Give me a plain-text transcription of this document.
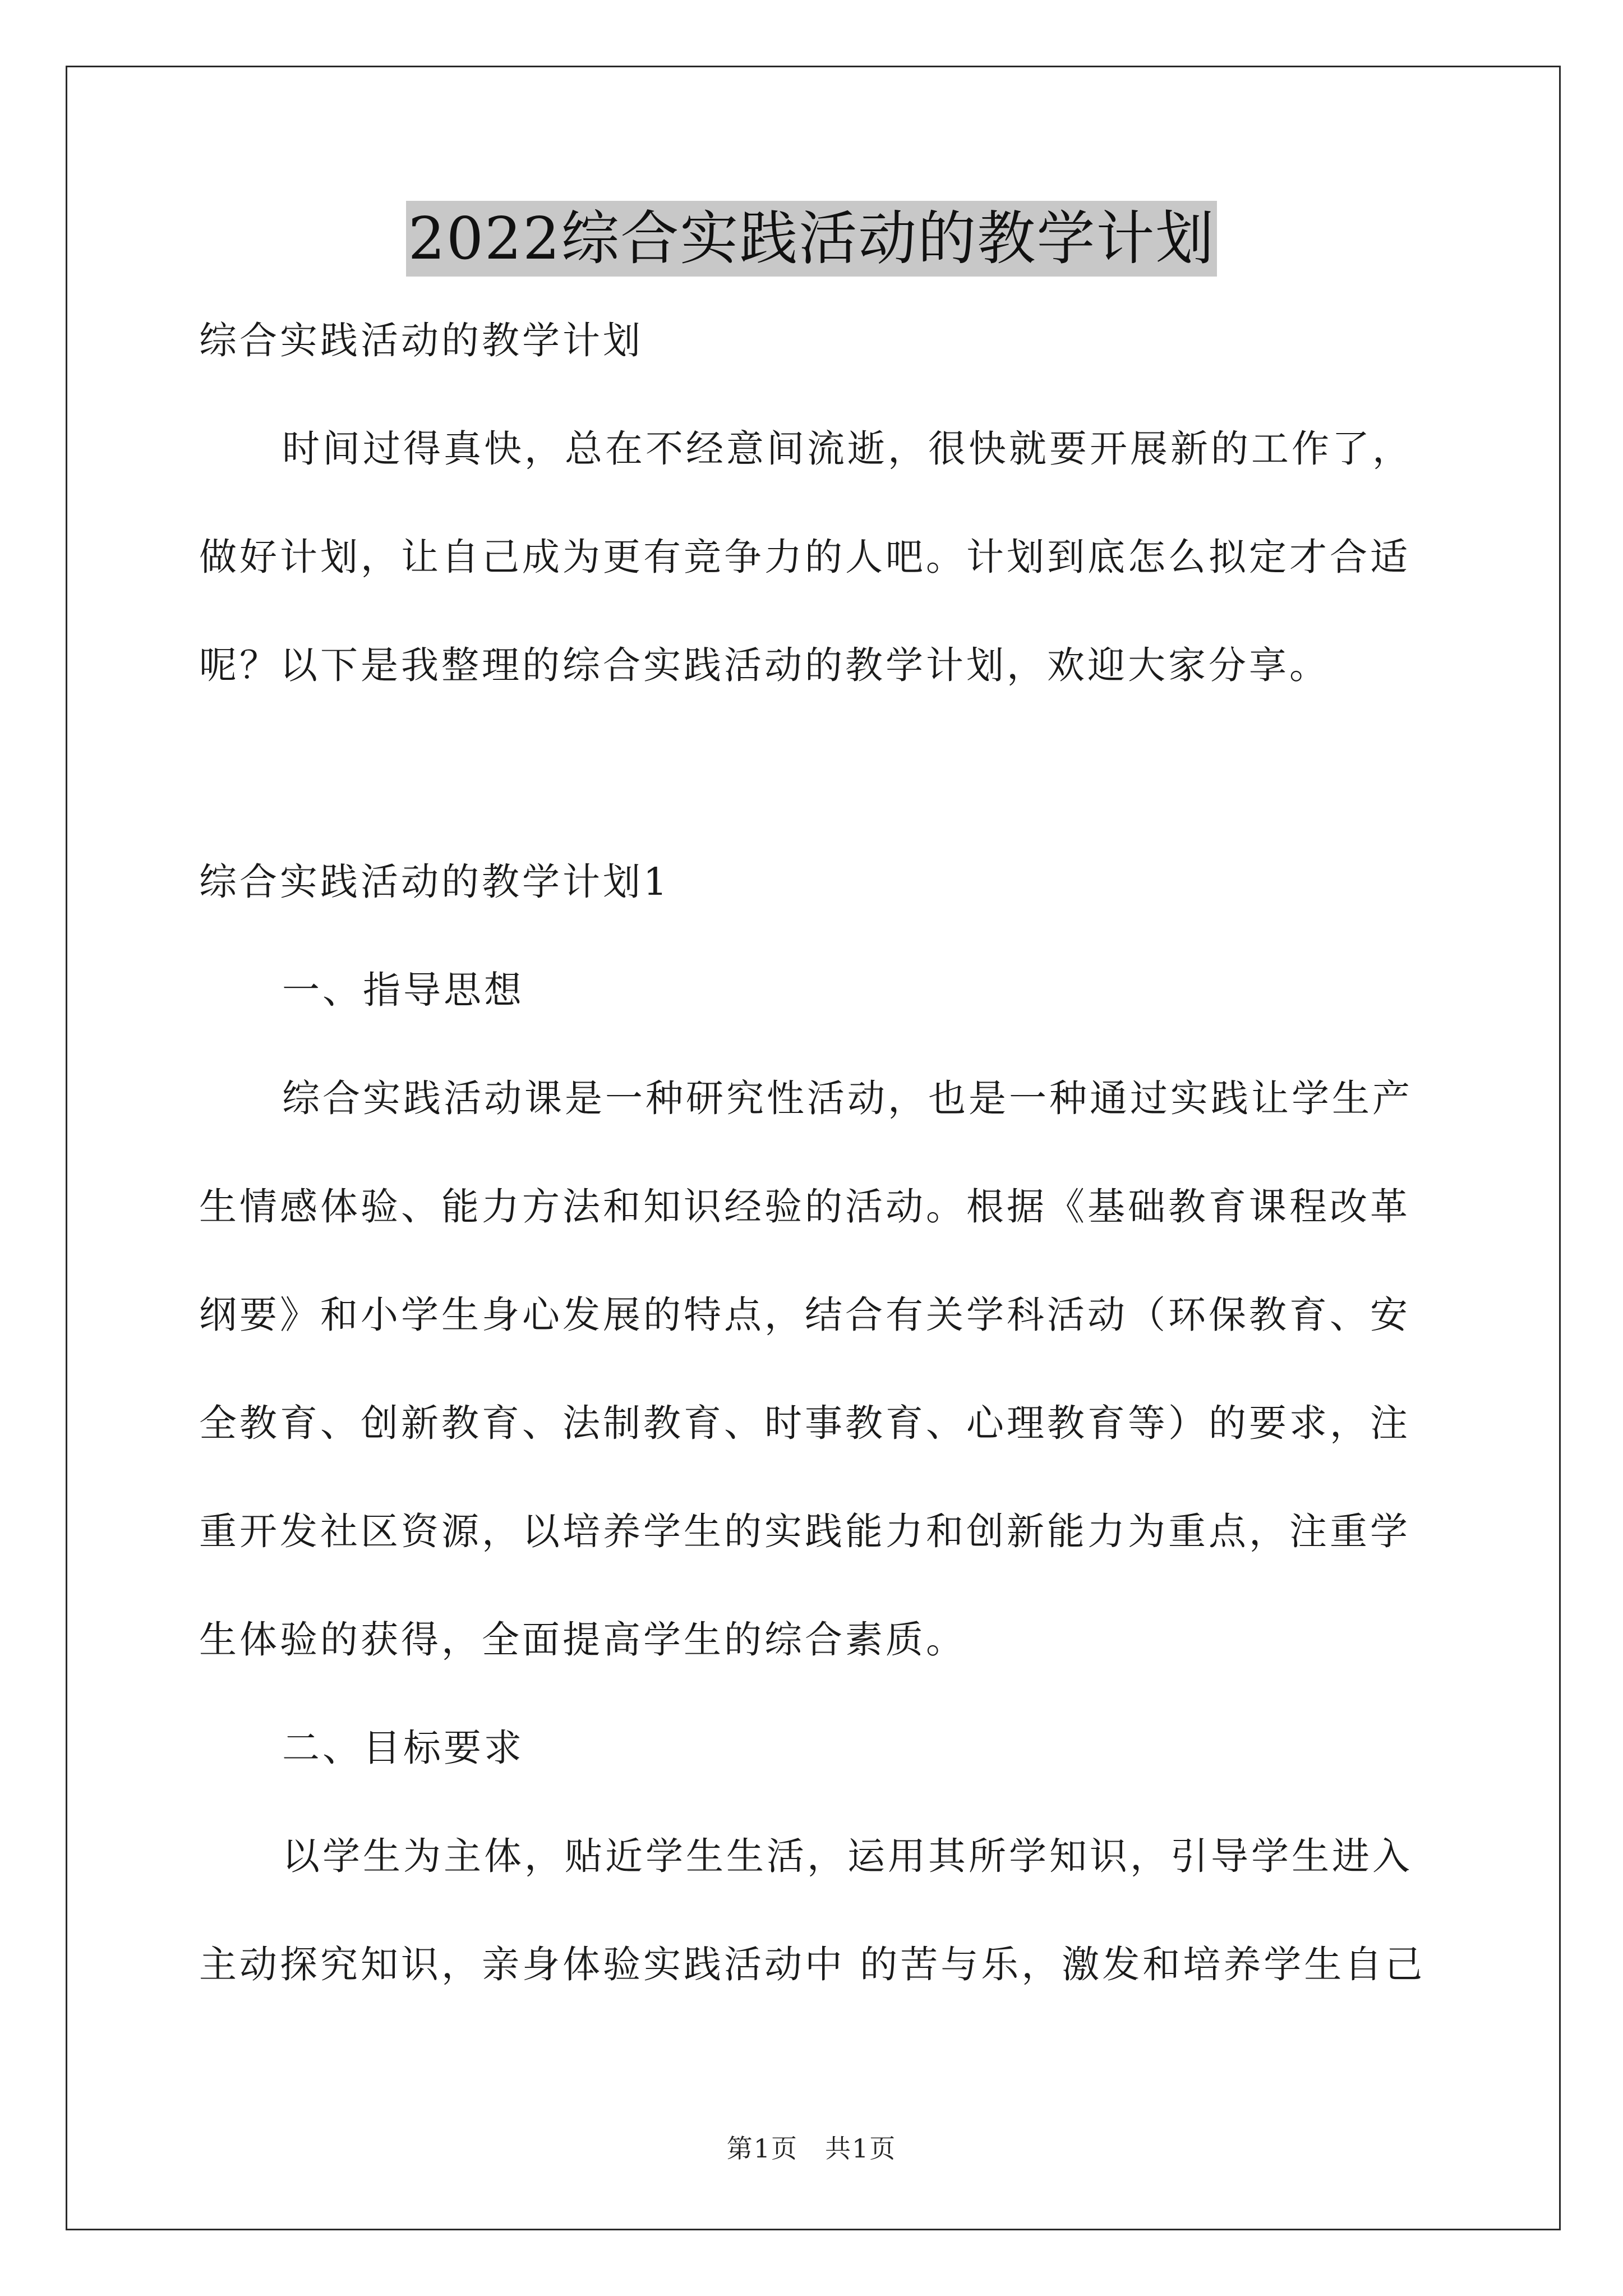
2022综合实践活动的教学计划

综合实践活动的教学计划

时间过得真快，总在不经意间流逝，很快就要开展新的工作了，

做好计划，让自己成为更有竞争力的人吧。计划到底怎么拟定才合适

呢？以下是我整理的综合实践活动的教学计划，欢迎大家分享。

综合实践活动的教学计划1

一、指导思想

综合实践活动课是一种研究性活动，也是一种通过实践让学生产

生情感体验、能力方法和知识经验的活动。根据《基础教育课程改革

纲要》和小学生身心发展的特点，结合有关学科活动（环保教育、安

全教育、创新教育、法制教育、时事教育、心理教育等）的要求，注

重开发社区资源，以培养学生的实践能力和创新能力为重点，注重学

生体验的获得，全面提高学生的综合素质。

二、目标要求

以学生为主体，贴近学生生活，运用其所学知识，引导学生进入

主动探究知识，亲身体验实践活动中 的苦与乐，激发和培养学生自己

第1页　共1页
